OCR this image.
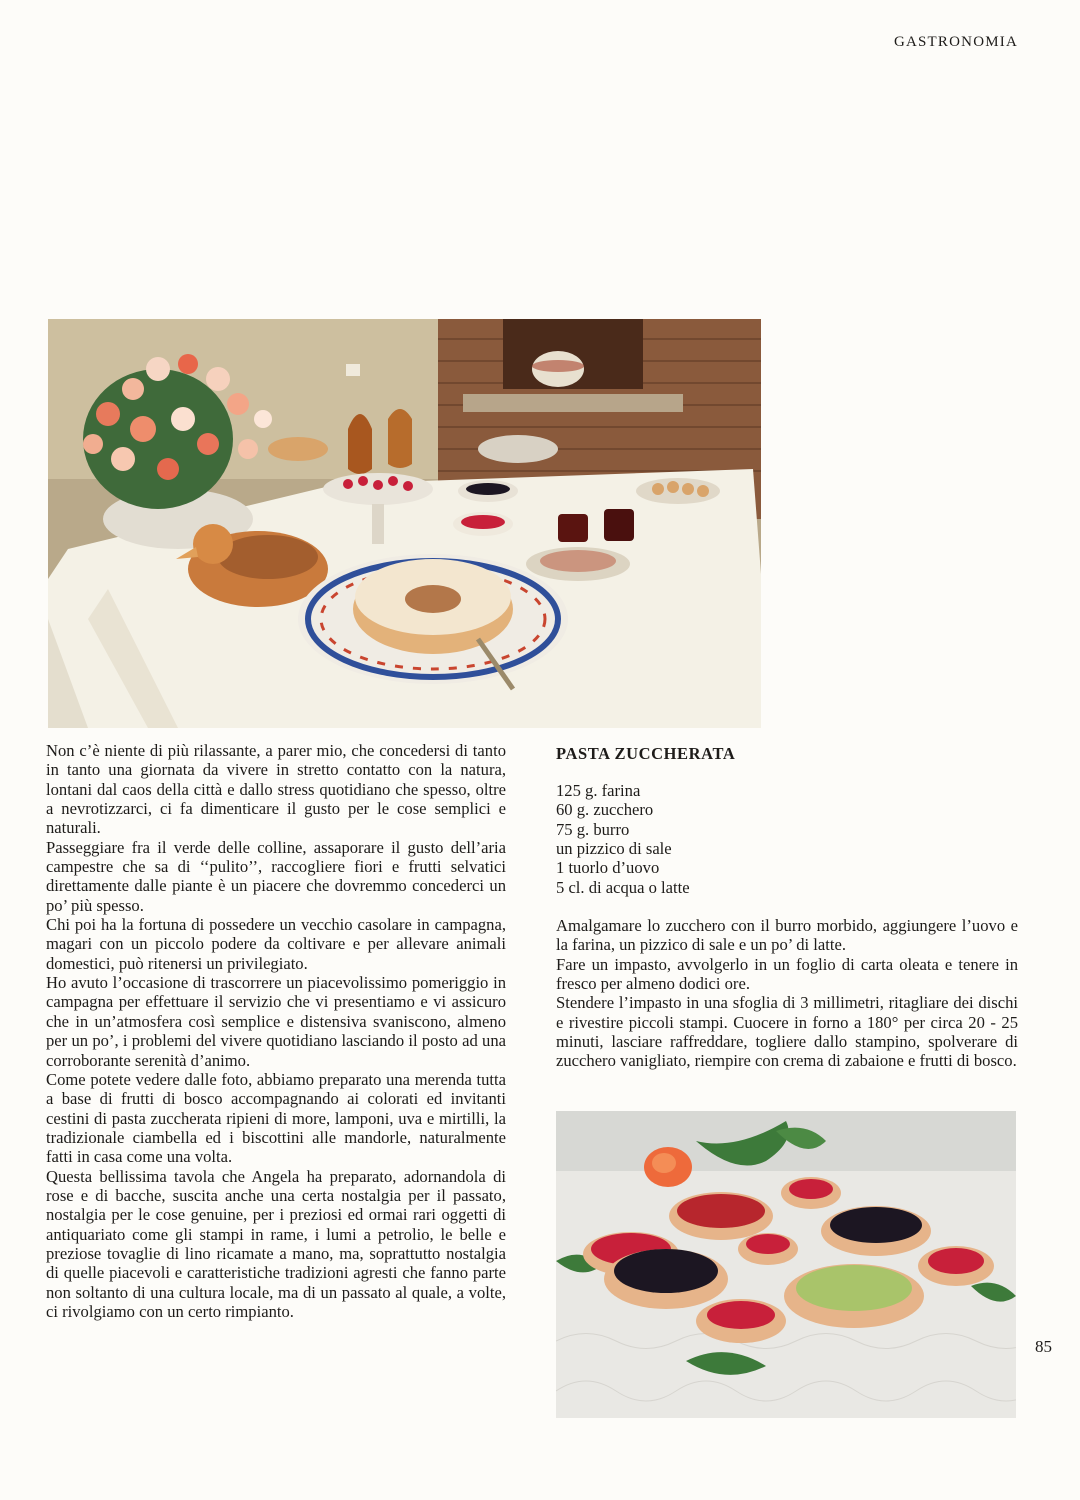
GASTRONOMIA

Non c’è niente di più rilassante, a parer mio, che concedersi di tanto in tanto una giornata da vivere in stretto contatto con la natura, lontani dal caos della città e dallo stress quotidiano che spesso, oltre a nevrotizzarci, ci fa dimenticare il gusto per le cose semplici e naturali.

Passeggiare fra il verde delle colline, assaporare il gusto dell’aria campestre che sa di ‘‘pulito’’, raccogliere fiori e frutti selvatici direttamente dalle piante è un piacere che dovremmo concederci un po’ più spesso.

Chi poi ha la fortuna di possedere un vecchio casolare in campagna, magari con un piccolo podere da coltivare e per allevare animali domestici, può ritenersi un privilegiato.

Ho avuto l’occasione di trascorrere un piacevolissimo pomeriggio in campagna per effettuare il servizio che vi presentiamo e vi assicuro che in un’atmosfera così semplice e distensiva svaniscono, almeno per un po’, i problemi del vivere quotidiano lasciando il posto ad una corroborante serenità d’animo.

Come potete vedere dalle foto, abbiamo preparato una merenda tutta a base di frutti di bosco accompagnando ai colorati ed invitanti cestini di pasta zuccherata ripieni di more, lamponi, uva e mirtilli, la tradizionale ciambella ed i biscottini alle mandorle, naturalmente fatti in casa come una volta.

Questa bellissima tavola che Angela ha preparato, adornandola di rose e di bacche, suscita anche una certa nostalgia per il passato, nostalgia per le cose genuine, per i preziosi ed ormai rari oggetti di antiquariato come gli stampi in rame, i lumi a petrolio, le belle e preziose tovaglie di lino ricamate a mano, ma, soprattutto nostalgia di quelle piacevoli e caratteristiche tradizioni agresti che fanno parte non soltanto di una cultura locale, ma di un passato al quale, a volte, ci rivolgiamo con un certo rimpianto.

PASTA ZUCCHERATA
125 g. farina
60 g. zucchero
75 g. burro
un pizzico di sale
1 tuorlo d’uovo
5 cl. di acqua o latte

Amalgamare lo zucchero con il burro morbido, aggiungere l’uovo e la farina, un pizzico di sale e un po’ di latte.

Fare un impasto, avvolgerlo in un foglio di carta oleata e tenere in fresco per almeno dodici ore.

Stendere l’impasto in una sfoglia di 3 millimetri, ritagliare dei dischi e rivestire piccoli stampi. Cuocere in forno a 180° per circa 20 - 25 minuti, lasciare raffreddare, togliere dallo stampino, spolverare di zucchero vanigliato, riempire con crema di zabaione e frutti di bosco.

85
